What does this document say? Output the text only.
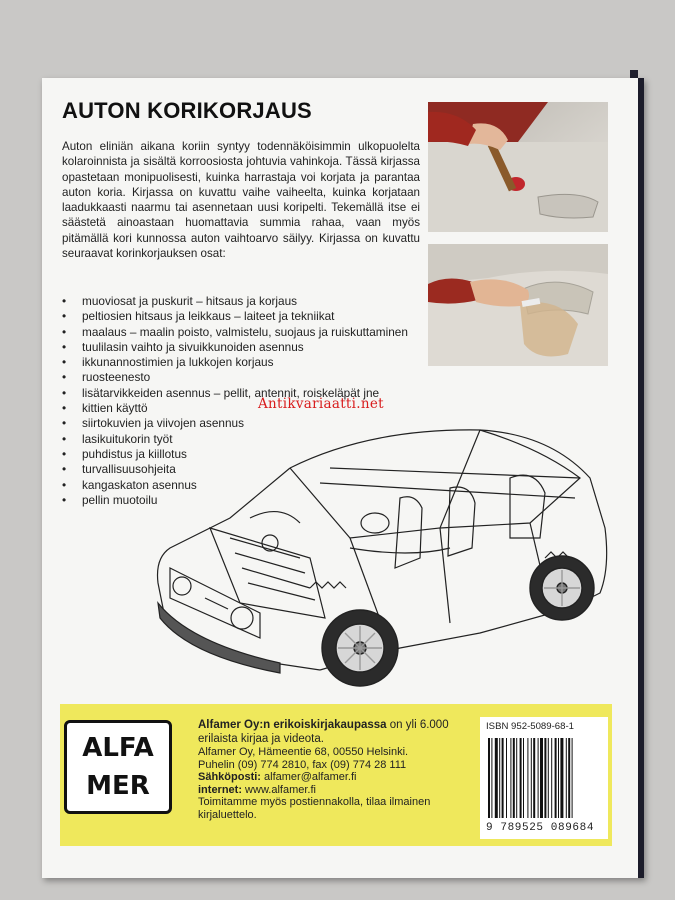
AUTON KORIKORJAUS

Auton eliniän aikana koriin syntyy todennäköisimmin ulkopuolelta kolaroinnista ja sisältä korroosiosta johtuvia vahinkoja. Tässä kirjassa opastetaan monipuolisesti, kuinka harrastaja voi korjata ja parantaa auton koria. Kirjassa on kuvattu vaihe vaiheelta, kuinka korjataan laadukkaasti naarmu tai asennetaan uusi koripelti. Tekemällä itse ei säästetä ainoastaan huomattavia summia rahaa, vaan myös pitämällä kori kunnossa auton vaihtoarvo säilyy. Kirjassa on kuvattu seuraavat korinkorjauksen osat:

• muoviosat ja puskurit – hitsaus ja korjaus
• peltiosien hitsaus ja leikkaus – laiteet ja tekniikat
• maalaus – maalin poisto, valmistelu, suojaus ja ruiskuttaminen
• tuulilasin vaihto ja sivuikkunoiden asennus
• ikkunannostimien ja lukkojen korjaus
• ruosteenesto
• lisätarvikkeiden asennus – pellit, antennit, roiskeläpät jne
• kittien käyttö
• siirtokuvien ja viivojen asennus
• lasikuitukorin työt
• puhdistus ja kiillotus
• turvallisuusohjeita
• kangaskaton asennus
• pellin muotoilu

Antikvariaatti.net

ALFA
MER

Alfamer Oy:n erikoiskirjakaupassa on yli 6.000 erilaista kirjaa ja videota.

Alfamer Oy, Hämeentie 68, 00550 Helsinki.

Puhelin (09) 774 2810, fax (09) 774 28 111

Sähköposti: alfamer@alfamer.fi

internet: www.alfamer.fi

Toimitamme myös postiennakolla, tilaa ilmainen kirjaluettelo.

ISBN 952-5089-68-1

9 789525 089684
